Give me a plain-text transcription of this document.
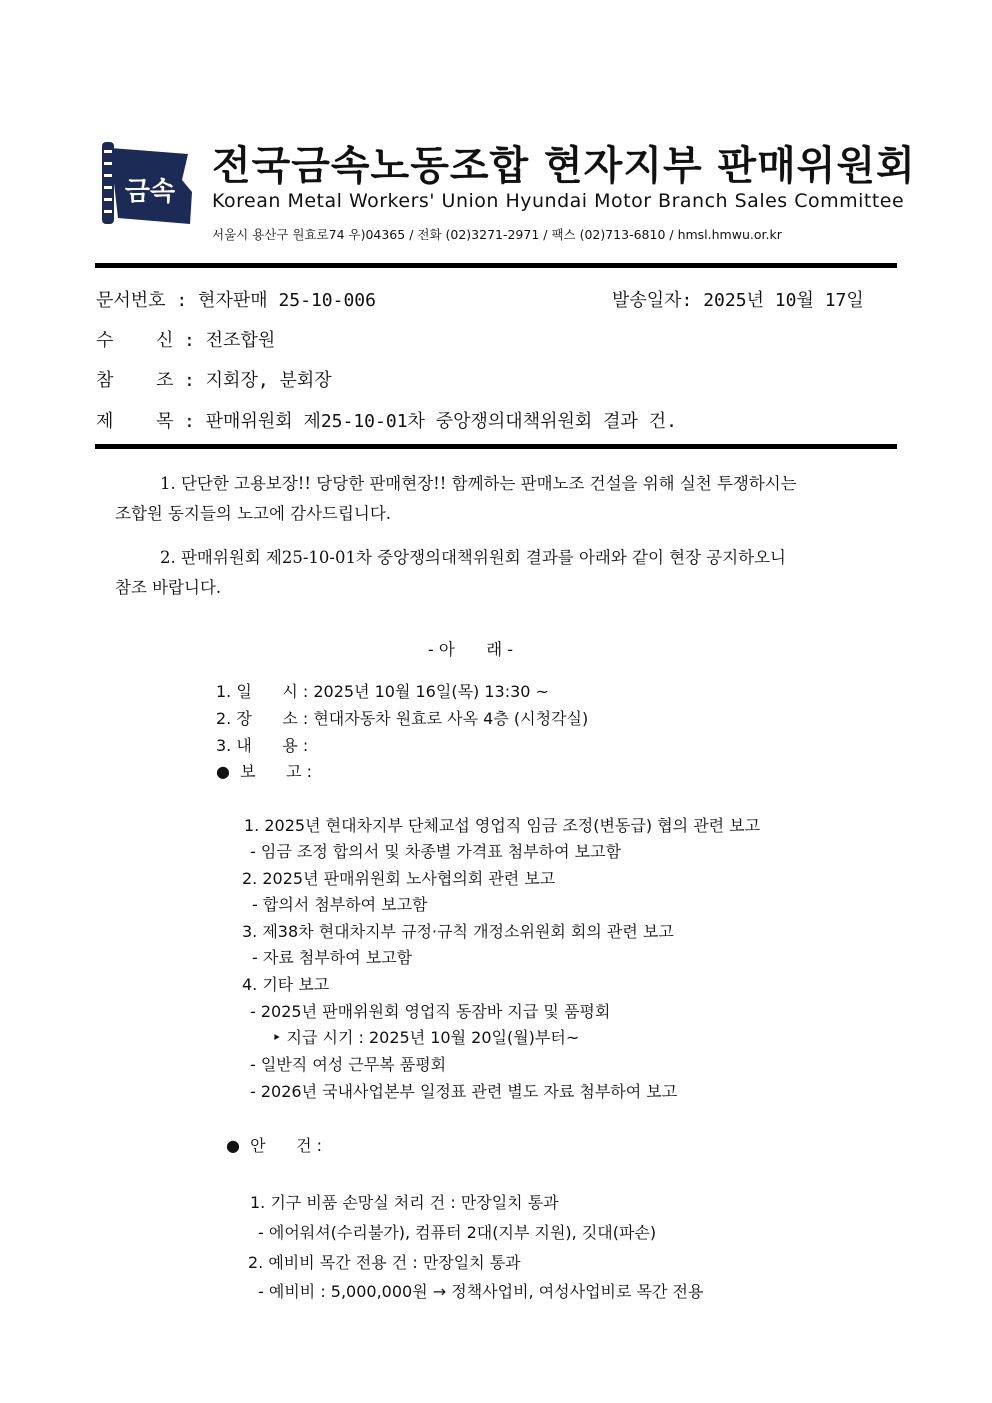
금속
전국금속노동조합 현자지부 판매위원회
Korean Metal Workers' Union Hyundai Motor Branch Sales Committee
서울시 용산구 원효로74 우)04365 / 전화 (02)3271-2971 / 팩스 (02)713-6810 / hmsl.hmwu.or.kr
문서번호 : 현자판매 25-10-006	발송일자: 2025년 10월 17일
수 신 : 전조합원
참 조 : 지회장, 분회장
제 목 : 판매위원회 제25-10-01차 중앙쟁의대책위원회 결과 건.
1. 단단한 고용보장!! 당당한 판매현장!! 함께하는 판매노조 건설을 위해 실천 투쟁하시는
조합원 동지들의 노고에 감사드립니다.
2. 판매위원회 제25-10-01차 중앙쟁의대책위원회 결과를 아래와 같이 현장 공지하오니
참조 바랍니다.
- 아      래 -
1. 일      시 : 2025년 10월 16일(목) 13:30 ~
2. 장      소 : 현대자동차 원효로 사옥 4층 (시청각실)
3. 내      용 :
●  보      고 :
1. 2025년 현대차지부 단체교섭 영업직 임금 조정(변동급) 협의 관련 보고
- 임금 조정 합의서 및 차종별 가격표 첨부하여 보고함
2. 2025년 판매위원회 노사협의회 관련 보고
- 합의서 첨부하여 보고함
3. 제38차 현대차지부 규정·규칙 개정소위원회 회의 관련 보고
- 자료 첨부하여 보고함
4. 기타 보고
- 2025년 판매위원회 영업직 동잠바 지급 및 품평회
‣ 지급 시기 : 2025년 10월 20일(월)부터~
- 일반직 여성 근무복 품평회
- 2026년 국내사업본부 일정표 관련 별도 자료 첨부하여 보고
●  안      건 :
1. 기구 비품 손망실 처리 건 : 만장일치 통과
- 에어워셔(수리불가), 컴퓨터 2대(지부 지원), 깃대(파손)
2. 예비비 목간 전용 건 : 만장일치 통과
- 예비비 : 5,000,000원 → 정책사업비, 여성사업비로 목간 전용
